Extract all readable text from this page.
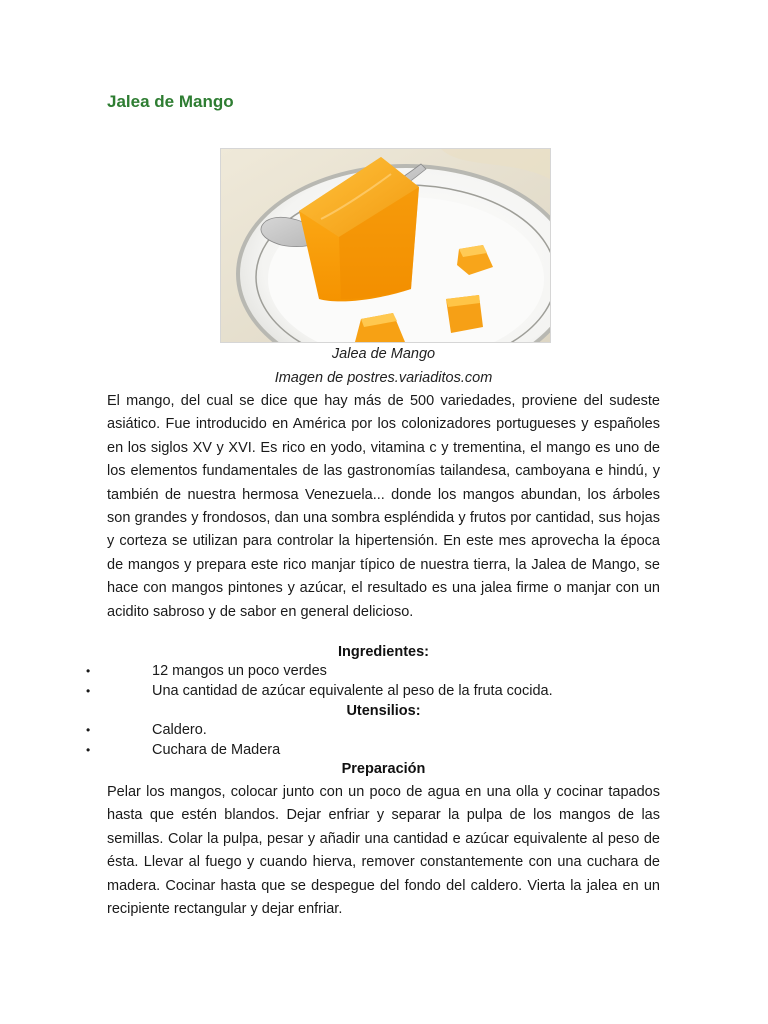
Jalea de Mango
Jalea de Mango
Imagen de postres.variaditos.com

El mango, del cual se dice que hay más de 500 variedades, proviene del sudeste asiático. Fue introducido en América por los colonizadores portugueses y españoles en los siglos XV y XVI. Es rico en yodo, vitamina c y trementina, el mango es uno de los elementos fundamentales de las gastronomías tailandesa, camboyana e hindú, y también de nuestra hermosa Venezuela... donde los mangos abundan, los árboles son grandes y frondosos, dan una sombra espléndida y frutos por cantidad, sus hojas y corteza se utilizan para controlar la hipertensión. En este mes aprovecha la época de mangos y prepara este rico manjar típico de nuestra tierra, la Jalea de Mango, se hace con mangos pintones y azúcar, el resultado es una jalea firme o manjar con un acidito sabroso y de sabor en general delicioso.

Ingredientes:
•	12 mangos un poco verdes
•	Una cantidad de azúcar equivalente al peso de la fruta cocida.
Utensilios:
•	Caldero.
•	Cuchara de Madera
Preparación

Pelar los mangos, colocar junto con un poco de agua en una olla y cocinar tapados hasta que estén blandos. Dejar enfriar y separar la pulpa de los mangos de las semillas. Colar la pulpa, pesar y añadir una cantidad e azúcar equivalente al peso de ésta. Llevar al fuego y cuando hierva, remover constantemente con una cuchara de madera. Cocinar hasta que se despegue del fondo del caldero. Vierta la jalea en un recipiente rectangular y dejar enfriar.
